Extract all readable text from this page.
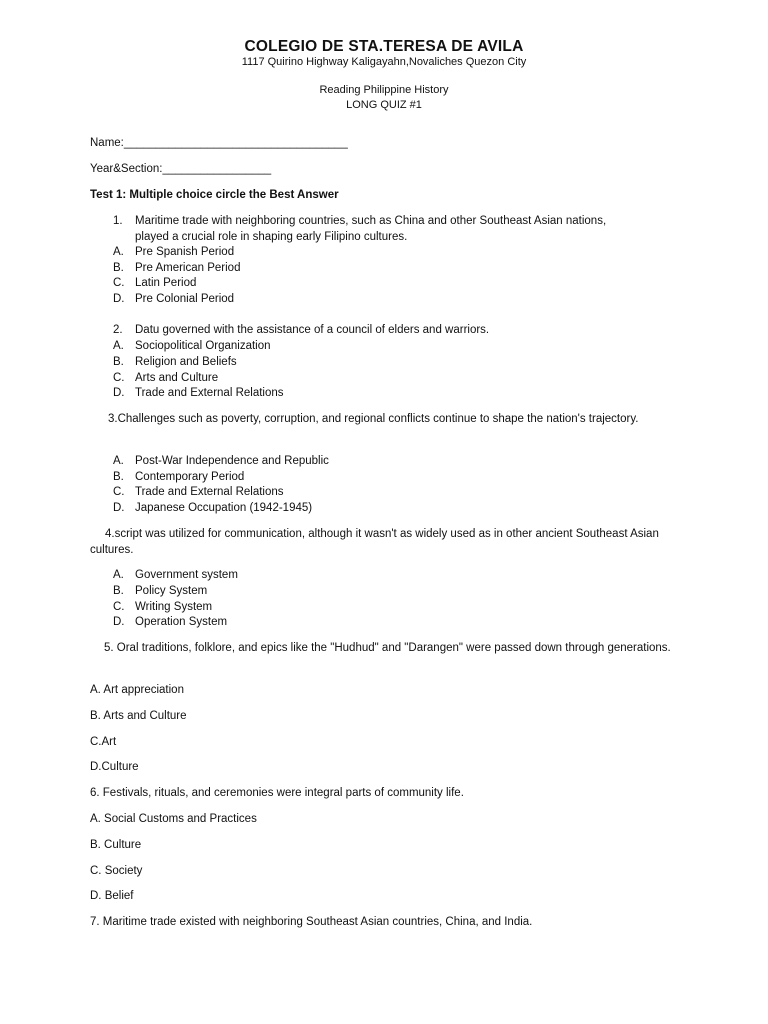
COLEGIO DE STA.TERESA DE AVILA
1117 Quirino Highway Kaligayahn,Novaliches Quezon City
Reading Philippine History
LONG QUIZ #1
Name:___________________________________
Year&Section:_________________
Test 1: Multiple choice circle the Best Answer
1. Maritime trade with neighboring countries, such as China and other Southeast Asian nations,
played a crucial role in shaping early Filipino cultures.
A. Pre Spanish Period
B. Pre American Period
C. Latin Period
D. Pre Colonial Period
2. Datu governed with the assistance of a council of elders and warriors.
A. Sociopolitical Organization
B. Religion and Beliefs
C. Arts and Culture
D. Trade and External Relations
3.Challenges such as poverty, corruption, and regional conflicts continue to shape the nation's trajectory.
A. Post-War Independence and Republic
B. Contemporary Period
C. Trade and External Relations
D. Japanese Occupation (1942-1945)
4.script was utilized for communication, although it wasn't as widely used as in other ancient Southeast Asian cultures.
A. Government system
B. Policy System
C. Writing System
D. Operation System
5. Oral traditions, folklore, and epics like the "Hudhud" and "Darangen" were passed down through generations.
A. Art appreciation
B. Arts and Culture
C.Art
D.Culture
6. Festivals, rituals, and ceremonies were integral parts of community life.
A. Social Customs and Practices
B. Culture
C. Society
D. Belief
7. Maritime trade existed with neighboring Southeast Asian countries, China, and India.
